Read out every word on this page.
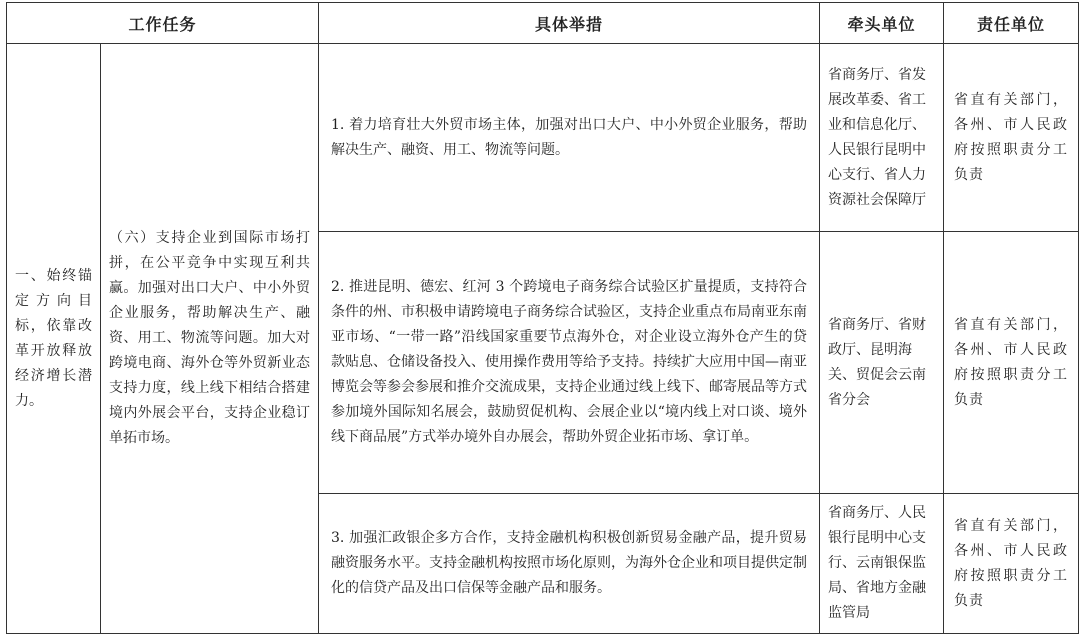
工作任务		具体举措	牵头单位	责任单位
一、始终锚定方向目标，依靠改革开放释放经济增长潜力。	（六）支持企业到国际市场打拼，在公平竞争中实现互利共赢。加强对出口大户、中小外贸企业服务，帮助解决生产、融资、用工、物流等问题。加大对跨境电商、海外仓等外贸新业态支持力度，线上线下相结合搭建境内外展会平台，支持企业稳订单拓市场。	1. 着力培育壮大外贸市场主体，加强对出口大户、中小外贸企业服务，帮助解决生产、融资、用工、物流等问题。	省商务厅、省发展改革委、省工业和信息化厅、人民银行昆明中心支行、省人力资源社会保障厅	省直有关部门，各州、市人民政府按照职责分工负责
		2. 推进昆明、德宏、红河 3 个跨境电子商务综合试验区扩量提质，支持符合条件的州、市积极申请跨境电子商务综合试验区，支持企业重点布局南亚东南亚市场、“一带一路”沿线国家重要节点海外仓，对企业设立海外仓产生的贷款贴息、仓储设备投入、使用操作费用等给予支持。持续扩大应用中国—南亚博览会等参会参展和推介交流成果，支持企业通过线上线下、邮寄展品等方式参加境外国际知名展会，鼓励贸促机构、会展企业以“境内线上对口谈、境外线下商品展”方式举办境外自办展会，帮助外贸企业拓市场、拿订单。	省商务厅、省财政厅、昆明海关、贸促会云南省分会	省直有关部门，各州、市人民政府按照职责分工负责
		3. 加强汇政银企多方合作，支持金融机构积极创新贸易金融产品，提升贸易融资服务水平。支持金融机构按照市场化原则，为海外仓企业和项目提供定制化的信贷产品及出口信保等金融产品和服务。	省商务厅、人民银行昆明中心支行、云南银保监局、省地方金融监管局	省直有关部门，各州、市人民政府按照职责分工负责
